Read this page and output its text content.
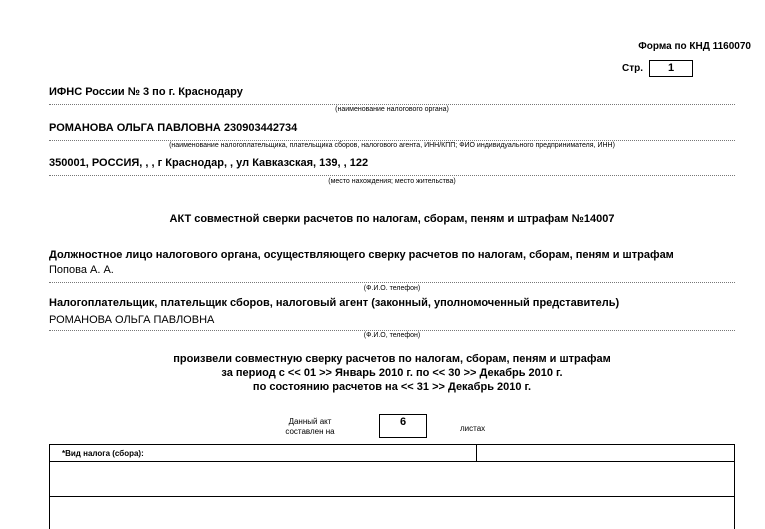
Форма по КНД 1160070
Стр.	1
ИФНС России № 3 по г. Краснодару
(наименование налогового органа)
РОМАНОВА ОЛЬГА ПАВЛОВНА 230903442734
(наименование налогоплательщика, плательщика сборов, налогового агента, ИНН/КПП; ФИО индивидуального предпринимателя, ИНН)
350001, РОССИЯ, , , г Краснодар, , ул Кавказская, 139, , 122
(место нахождения; место жительства)
АКТ совместной сверки расчетов по налогам, сборам, пеням и штрафам №14007
Должностное лицо налогового органа, осуществляющего сверку расчетов по налогам, сборам, пеням и штрафам
Попова А. А.
(Ф.И.О. телефон)
Налогоплательщик, плательщик сборов, налоговый агент (законный, уполномоченный представитель)
РОМАНОВА ОЛЬГА ПАВЛОВНА
(Ф.И.О, телефон)
произвели совместную сверку расчетов по налогам, сборам, пеням и штрафам
за период с << 01 >> Январь 2010 г. по << 30 >> Декабрь 2010 г.
по состоянию расчетов на << 31 >> Декабрь 2010 г.
Данный акт
составлен на
6
листах
*Вид налога (сбора):	
